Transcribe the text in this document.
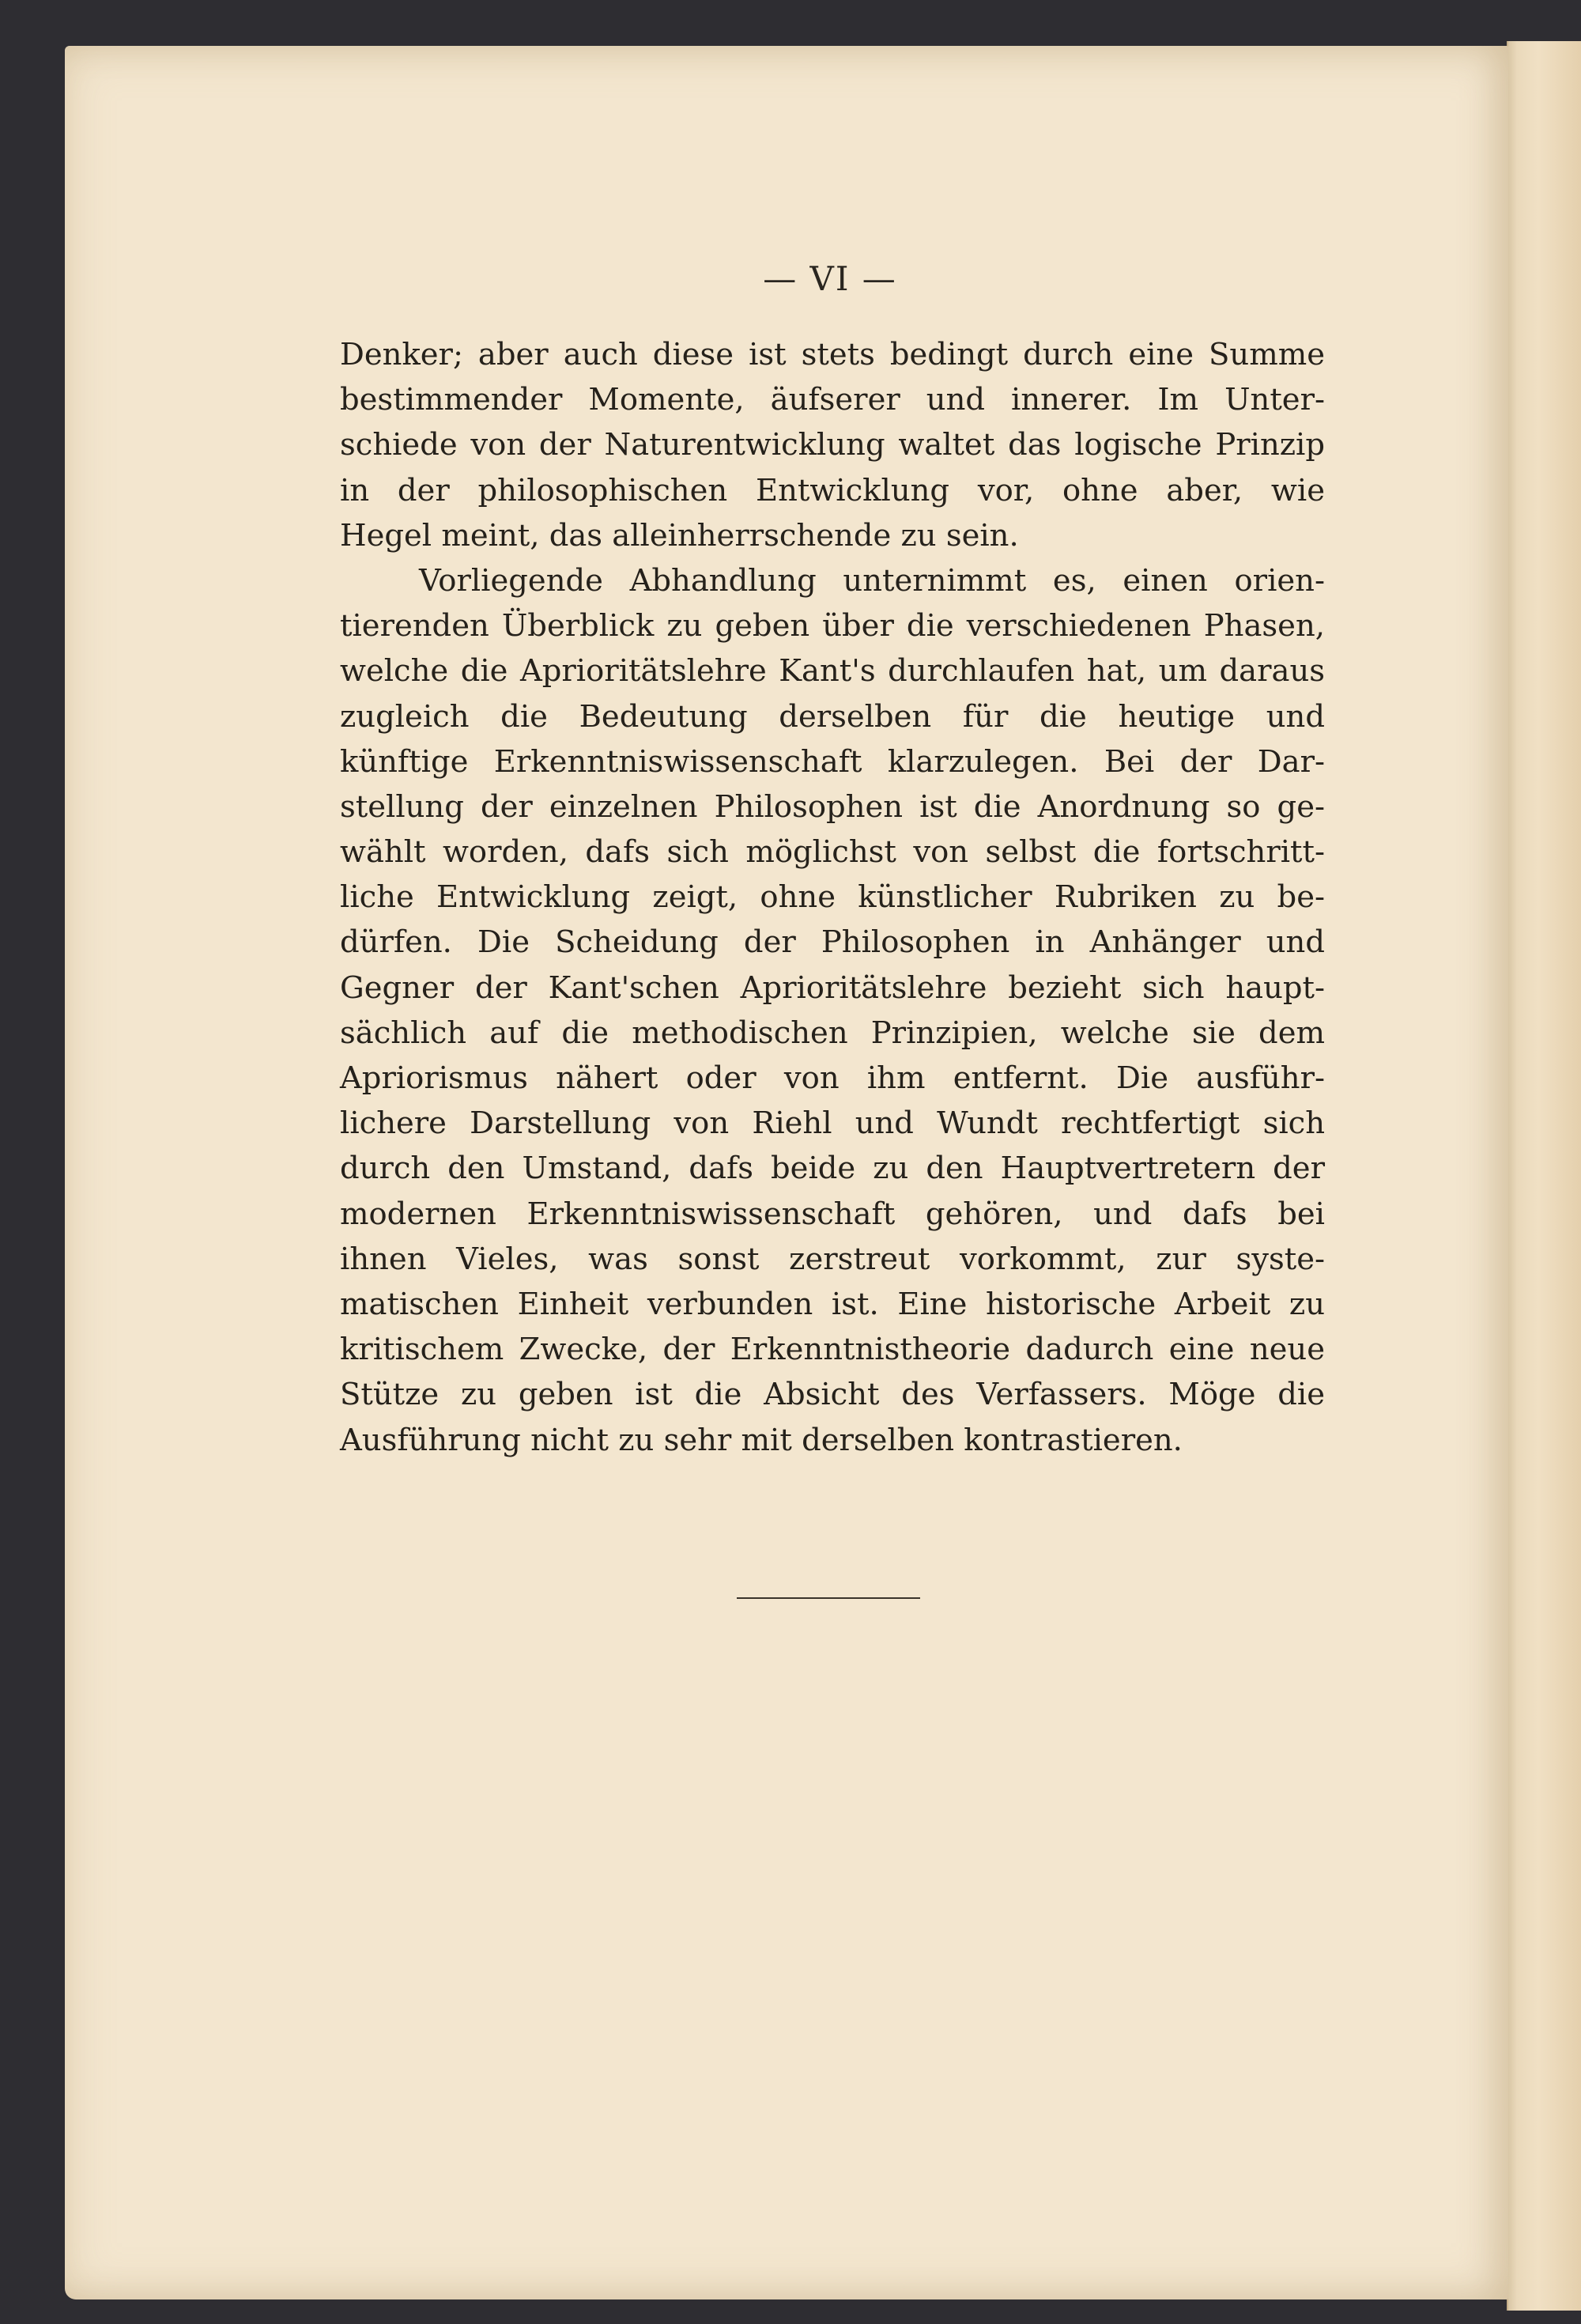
— VI —
Denker; aber auch diese ist stets bedingt durch eine Summe
bestimmender Momente, äufserer und innerer. Im Unter-
schiede von der Naturentwicklung waltet das logische Prinzip
in der philosophischen Entwicklung vor, ohne aber, wie
Hegel meint, das alleinherrschende zu sein.
Vorliegende Abhandlung unternimmt es, einen orien-
tierenden Überblick zu geben über die verschiedenen Phasen,
welche die Aprioritätslehre Kant's durchlaufen hat, um daraus
zugleich die Bedeutung derselben für die heutige und
künftige Erkenntniswissenschaft klarzulegen. Bei der Dar-
stellung der einzelnen Philosophen ist die Anordnung so ge-
wählt worden, dafs sich möglichst von selbst die fortschritt-
liche Entwicklung zeigt, ohne künstlicher Rubriken zu be-
dürfen. Die Scheidung der Philosophen in Anhänger und
Gegner der Kant'schen Aprioritätslehre bezieht sich haupt-
sächlich auf die methodischen Prinzipien, welche sie dem
Apriorismus nähert oder von ihm entfernt. Die ausführ-
lichere Darstellung von Riehl und Wundt rechtfertigt sich
durch den Umstand, dafs beide zu den Hauptvertretern der
modernen Erkenntniswissenschaft gehören, und dafs bei
ihnen Vieles, was sonst zerstreut vorkommt, zur syste-
matischen Einheit verbunden ist. Eine historische Arbeit zu
kritischem Zwecke, der Erkenntnistheorie dadurch eine neue
Stütze zu geben ist die Absicht des Verfassers. Möge die
Ausführung nicht zu sehr mit derselben kontrastieren.
